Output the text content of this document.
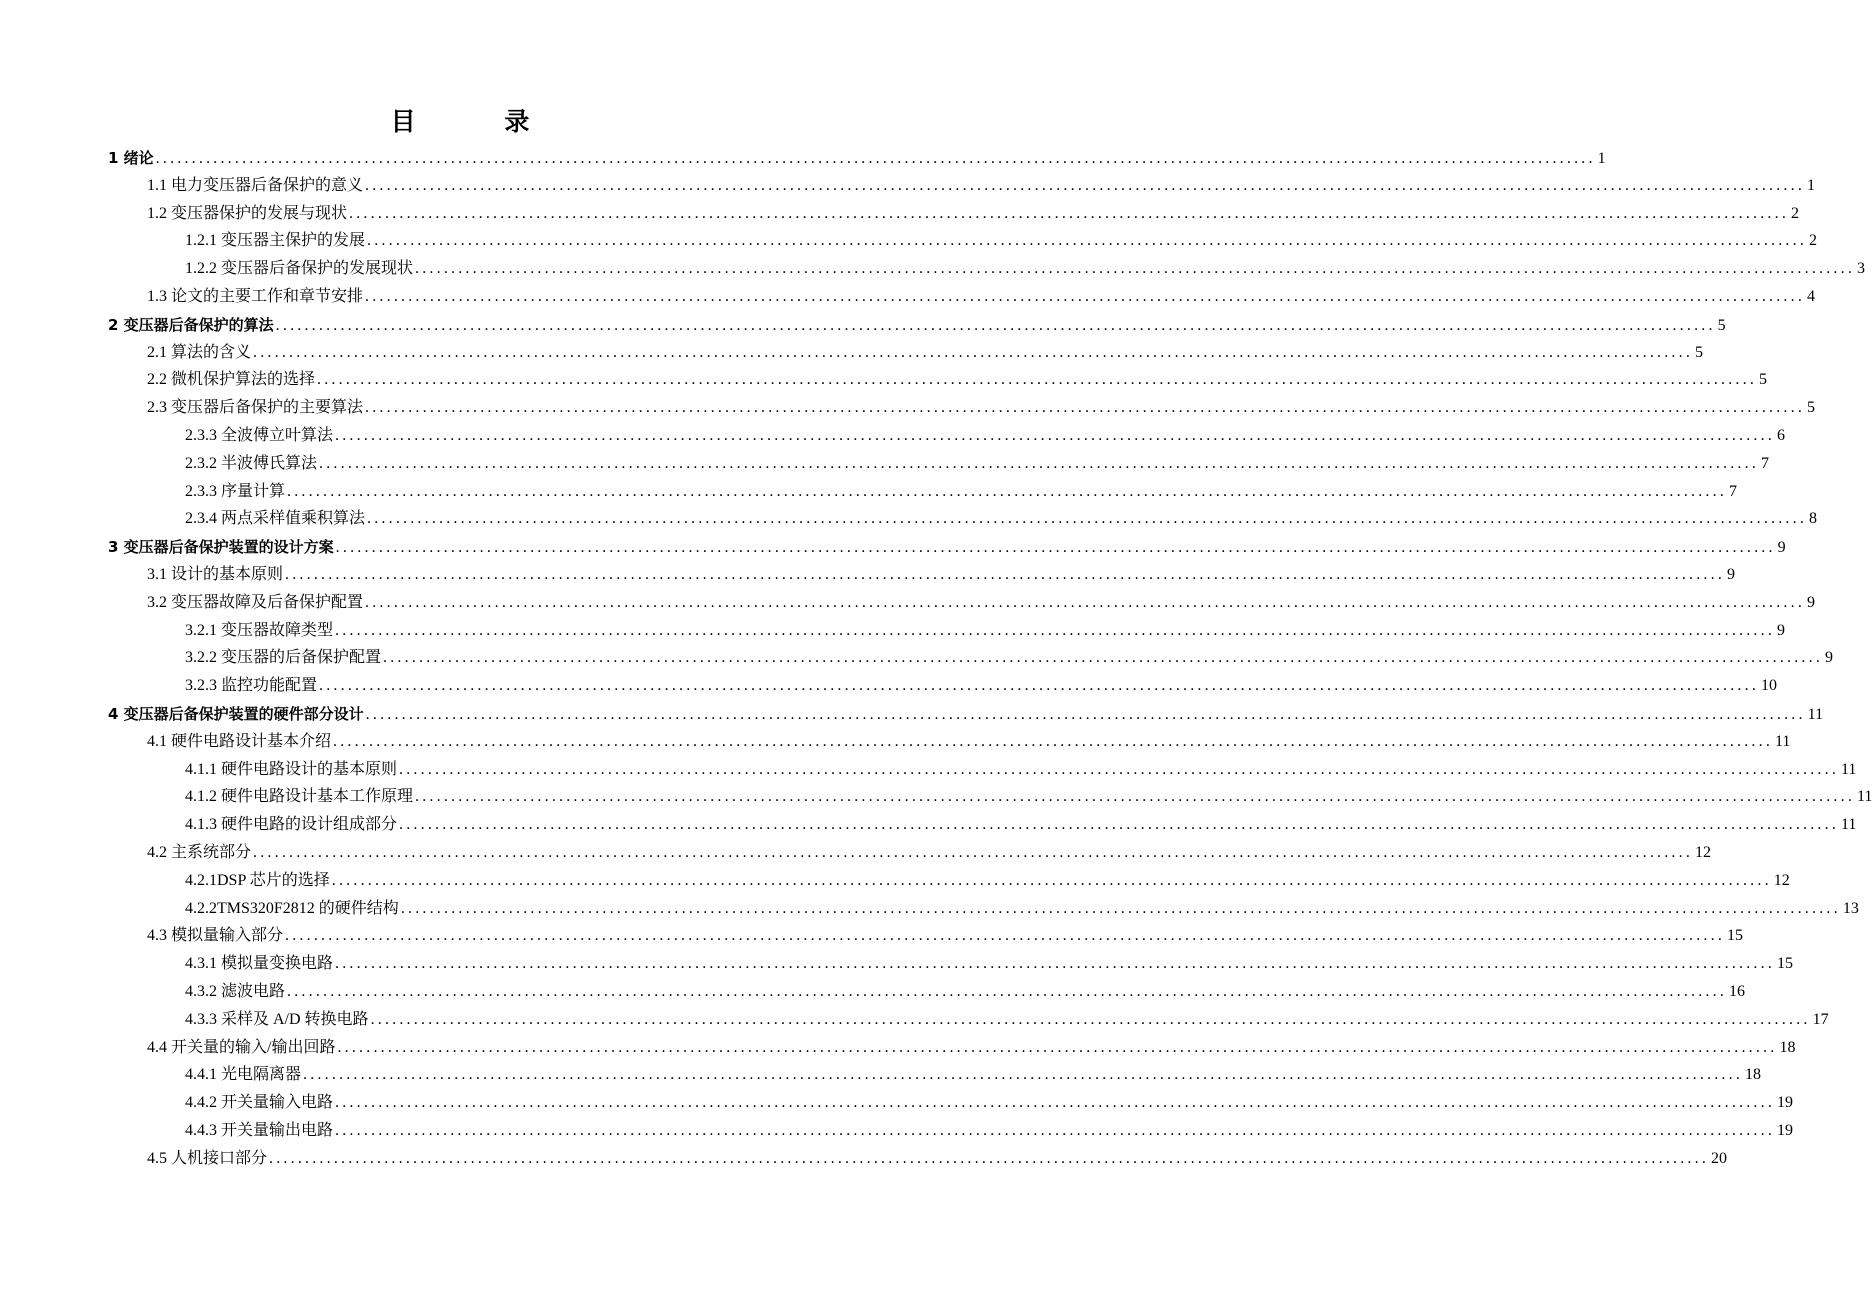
目 录
1 绪论 ........................................................................................................................................................................................................ 1
1.1 电力变压器后备保护的意义 ........................................................................................................................................................................................................ 1
1.2 变压器保护的发展与现状 ........................................................................................................................................................................................................ 2
1.2.1 变压器主保护的发展 ........................................................................................................................................................................................................ 2
1.2.2 变压器后备保护的发展现状 ........................................................................................................................................................................................................ 3
1.3 论文的主要工作和章节安排 ........................................................................................................................................................................................................ 4
2 变压器后备保护的算法 ........................................................................................................................................................................................................ 5
2.1 算法的含义 ........................................................................................................................................................................................................ 5
2.2 微机保护算法的选择 ........................................................................................................................................................................................................ 5
2.3 变压器后备保护的主要算法 ........................................................................................................................................................................................................ 5
2.3.3 全波傅立叶算法 ........................................................................................................................................................................................................ 6
2.3.2 半波傅氏算法 ........................................................................................................................................................................................................ 7
2.3.3 序量计算 ........................................................................................................................................................................................................ 7
2.3.4 两点采样值乘积算法 ........................................................................................................................................................................................................ 8
3 变压器后备保护装置的设计方案 ........................................................................................................................................................................................................ 9
3.1 设计的基本原则 ........................................................................................................................................................................................................ 9
3.2 变压器故障及后备保护配置 ........................................................................................................................................................................................................ 9
3.2.1 变压器故障类型 ........................................................................................................................................................................................................ 9
3.2.2 变压器的后备保护配置 ........................................................................................................................................................................................................ 9
3.2.3 监控功能配置 ........................................................................................................................................................................................................ 10
4 变压器后备保护装置的硬件部分设计 ........................................................................................................................................................................................................ 11
4.1 硬件电路设计基本介绍 ........................................................................................................................................................................................................ 11
4.1.1 硬件电路设计的基本原则 ........................................................................................................................................................................................................ 11
4.1.2 硬件电路设计基本工作原理 ........................................................................................................................................................................................................ 11
4.1.3 硬件电路的设计组成部分 ........................................................................................................................................................................................................ 11
4.2 主系统部分 ........................................................................................................................................................................................................ 12
4.2.1DSP 芯片的选择 ........................................................................................................................................................................................................ 12
4.2.2TMS320F2812 的硬件结构 ........................................................................................................................................................................................................ 13
4.3 模拟量输入部分 ........................................................................................................................................................................................................ 15
4.3.1 模拟量变换电路 ........................................................................................................................................................................................................ 15
4.3.2 滤波电路 ........................................................................................................................................................................................................ 16
4.3.3 采样及 A/D 转换电路 ........................................................................................................................................................................................................ 17
4.4 开关量的输入/输出回路 ........................................................................................................................................................................................................ 18
4.4.1 光电隔离器 ........................................................................................................................................................................................................ 18
4.4.2 开关量输入电路 ........................................................................................................................................................................................................ 19
4.4.3 开关量输出电路 ........................................................................................................................................................................................................ 19
4.5 人机接口部分 ........................................................................................................................................................................................................ 20
